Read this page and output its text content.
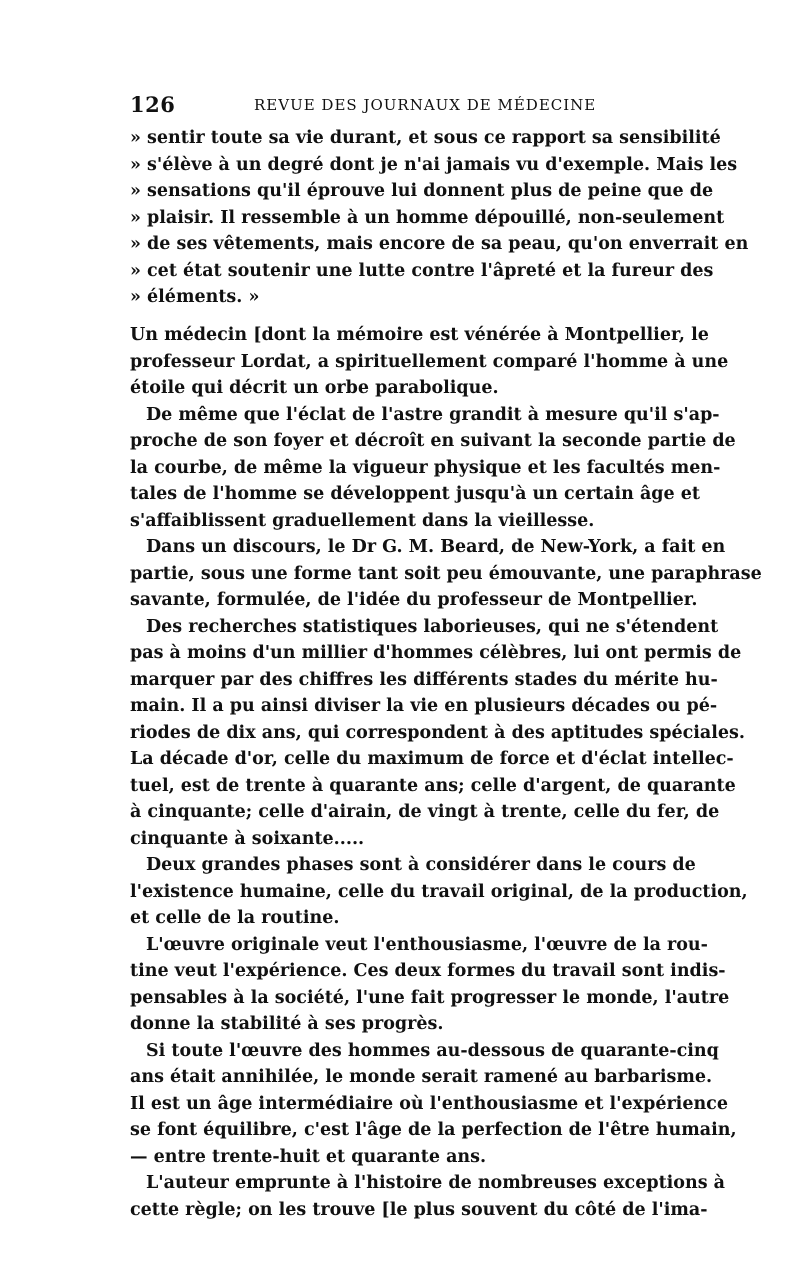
126	REVUE DES JOURNAUX DE MÉDECINE
» sentir toute sa vie durant, et sous ce rapport sa sensibilité
» s'élève à un degré dont je n'ai jamais vu d'exemple. Mais les
» sensations qu'il éprouve lui donnent plus de peine que de
» plaisir. Il ressemble à un homme dépouillé, non-seulement
» de ses vêtements, mais encore de sa peau, qu'on enverrait en
» cet état soutenir une lutte contre l'âpreté et la fureur des
» éléments. »
Un médecin [dont la mémoire est vénérée à Montpellier, le
professeur Lordat, a spirituellement comparé l'homme à une
étoile qui décrit un orbe parabolique.
De même que l'éclat de l'astre grandit à mesure qu'il s'ap-
proche de son foyer et décroît en suivant la seconde partie de
la courbe, de même la vigueur physique et les facultés men-
tales de l'homme se développent jusqu'à un certain âge et
s'affaiblissent graduellement dans la vieillesse.
Dans un discours, le Dr G. M. Beard, de New-York, a fait en
partie, sous une forme tant soit peu émouvante, une paraphrase
savante, formulée, de l'idée du professeur de Montpellier.
Des recherches statistiques laborieuses, qui ne s'étendent
pas à moins d'un millier d'hommes célèbres, lui ont permis de
marquer par des chiffres les différents stades du mérite hu-
main. Il a pu ainsi diviser la vie en plusieurs décades ou pé-
riodes de dix ans, qui correspondent à des aptitudes spéciales.
La décade d'or, celle du maximum de force et d'éclat intellec-
tuel, est de trente à quarante ans; celle d'argent, de quarante
à cinquante; celle d'airain, de vingt à trente, celle du fer, de
cinquante à soixante.....
Deux grandes phases sont à considérer dans le cours de
l'existence humaine, celle du travail original, de la production,
et celle de la routine.
L'œuvre originale veut l'enthousiasme, l'œuvre de la rou-
tine veut l'expérience. Ces deux formes du travail sont indis-
pensables à la société, l'une fait progresser le monde, l'autre
donne la stabilité à ses progrès.
Si toute l'œuvre des hommes au-dessous de quarante-cinq
ans était annihilée, le monde serait ramené au barbarisme.
Il est un âge intermédiaire où l'enthousiasme et l'expérience
se font équilibre, c'est l'âge de la perfection de l'être humain,
— entre trente-huit et quarante ans.
L'auteur emprunte à l'histoire de nombreuses exceptions à
cette règle; on les trouve [le plus souvent du côté de l'ima-
